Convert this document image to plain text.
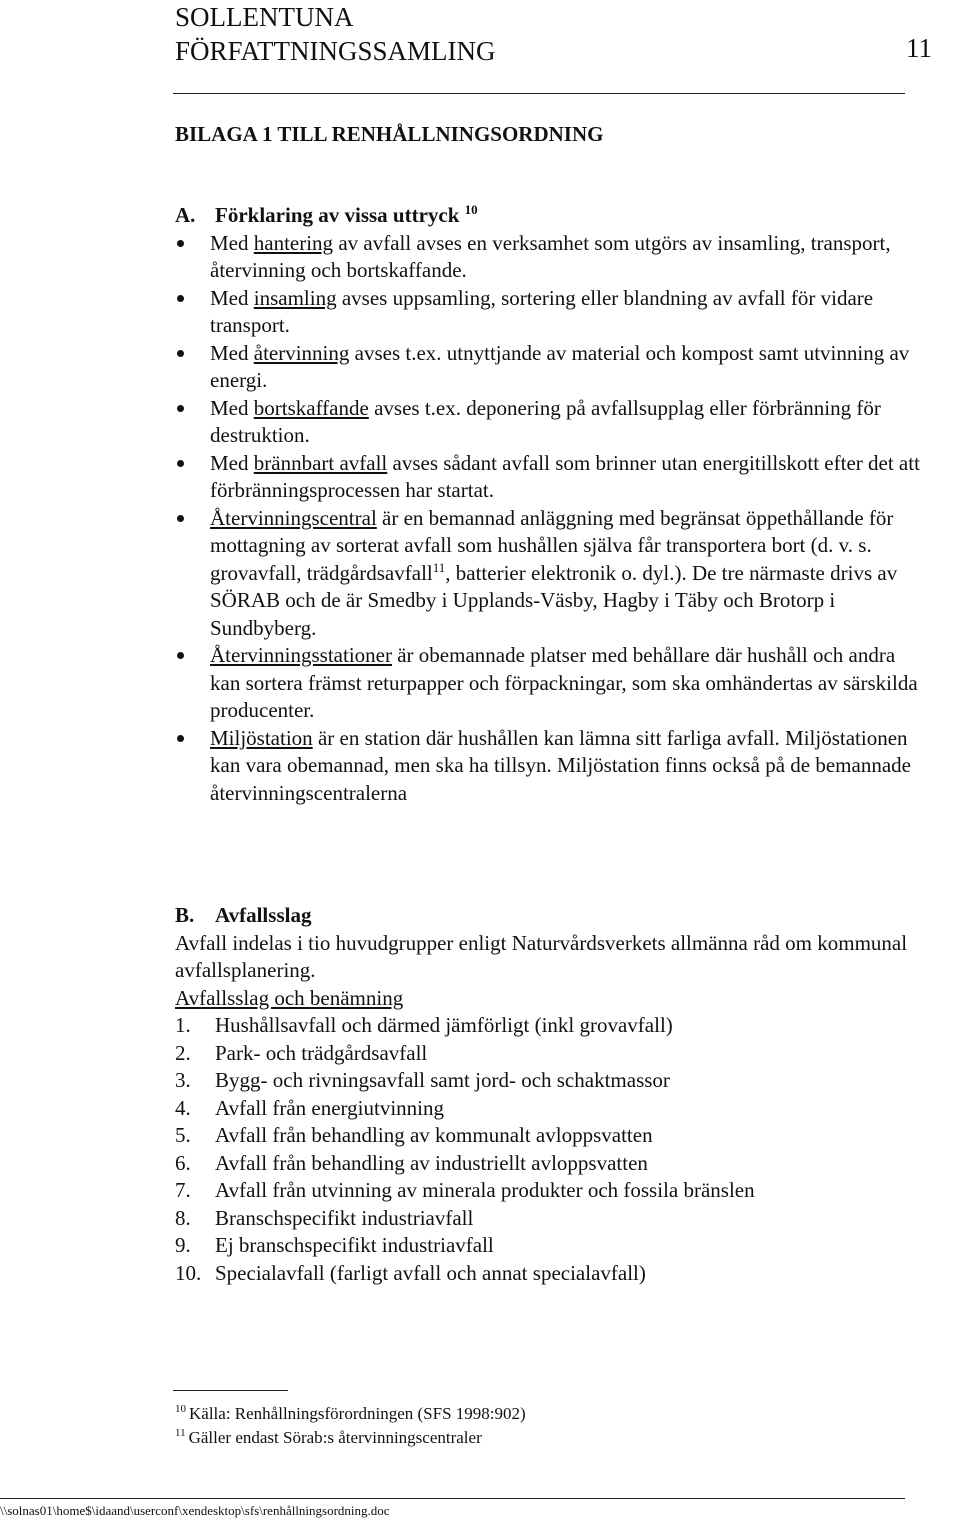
SOLLENTUNA
FÖRFATTNINGSSAMLING	11
BILAGA 1 TILL RENHÅLLNINGSORDNING
A. Förklaring av vissa uttryck $^{10}$
Med hantering av avfall avses en verksamhet som utgörs av insamling, transport, återvinning och bortskaffande.
Med insamling avses uppsamling, sortering eller blandning av avfall för vidare transport.
Med återvinning avses t.ex. utnyttjande av material och kompost samt utvinning av energi.
Med bortskaffande avses t.ex. deponering på avfallsupplag eller förbränning för destruktion.
Med brännbart avfall avses sådant avfall som brinner utan energitillskott efter det att förbränningsprocessen har startat.
Återvinningscentral är en bemannad anläggning med begränsat öppethållande för mottagning av sorterat avfall som hushållen själva får transportera bort (d. v. s. grovavfall, trädgårdsavfall$^{11}$, batterier elektronik o. dyl.). De tre närmaste drivs av SÖRAB och de är Smedby i Upplands-Väsby, Hagby i Täby och Brotorp i Sundbyberg.
Återvinningsstationer är obemannade platser med behållare där hushåll och andra kan sortera främst returpapper och förpackningar, som ska omhändertas av särskilda producenter.
Miljöstation är en station där hushållen kan lämna sitt farliga avfall. Miljöstationen kan vara obemannad, men ska ha tillsyn. Miljöstation finns också på de bemannade återvinningscentralerna
B. Avfallsslag

Avfall indelas i tio huvudgrupper enligt Naturvårdsverkets allmänna råd om kommunal avfallsplanering.

Avfallsslag och benämning

1.	Hushållsavfall och därmed jämförligt (inkl grovavfall)
2.	Park- och trädgårdsavfall
3.	Bygg- och rivningsavfall samt jord- och schaktmassor
4.	Avfall från energiutvinning
5.	Avfall från behandling av kommunalt avloppsvatten
6.	Avfall från behandling av industriellt avloppsvatten
7.	Avfall från utvinning av minerala produkter och fossila bränslen
8.	Branschspecifikt industriavfall
9.	Ej branschspecifikt industriavfall
10. Specialavfall (farligt avfall och annat specialavfall)
$^{10}$ Källa: Renhållningsförordningen (SFS 1998:902)
$^{11}$ Gäller endast Sörab:s återvinningscentraler
\\solnas01\home$\idaand\userconf\xendesktop\sfs\renhållningsordning.doc
